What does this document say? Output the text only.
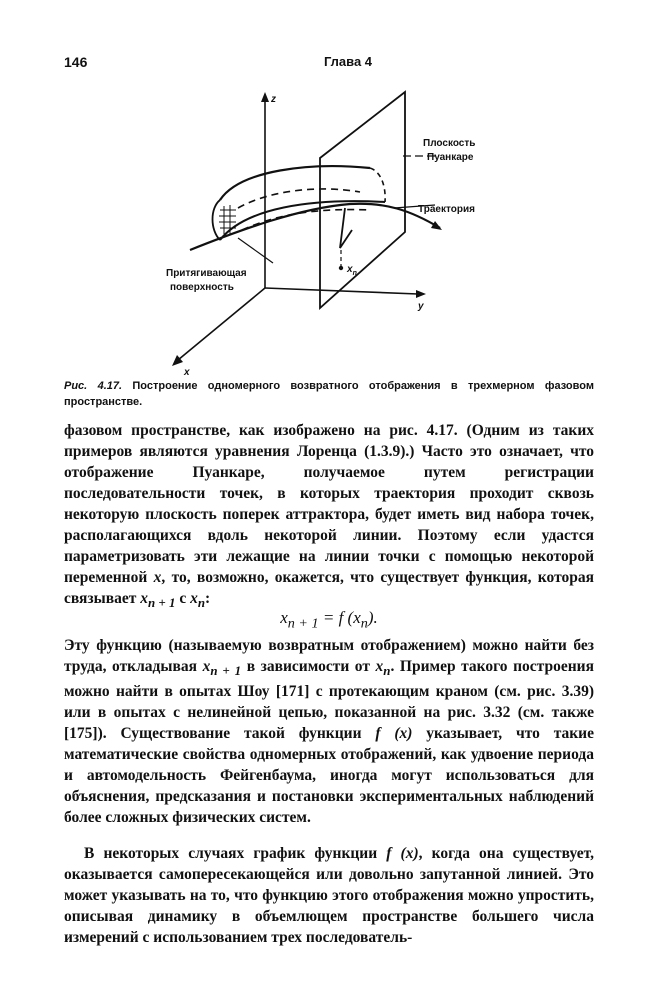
146	Глава 4
z
y
x
Плоскость
Пуанкаре
Траектория
Притягивающая
поверхность
$x_n$
Рис. 4.17. Построение одномерного возвратного отображения в трехмерном фазовом пространстве.
фазовом пространстве, как изображено на рис. 4.17. (Одним из таких примеров являются уравнения Лоренца (1.3.9).) Часто это означает, что отображение Пуанкаре, получаемое путем регистрации последовательности точек, в которых траектория проходит сквозь некоторую плоскость поперек аттрактора, будет иметь вид набора точек, располагающихся вдоль некоторой линии. Поэтому если удастся параметризовать эти лежащие на линии точки с помощью некоторой переменной x, то, возможно, окажется, что существует функция, которая связывает $x_{n + 1}$ с $x_n$:
$x_{n + 1} = f$ $(x_n)$.
Эту функцию (называемую возвратным отображением) можно найти без труда, откладывая $x_{n + 1}$ в зависимости от $x_n$. Пример такого построения можно найти в опытах Шоу [171] с протекающим краном (см. рис. 3.39) или в опытах с нелинейной цепью, показанной на рис. 3.32 (см. также [175]). Существование такой функции f (x) указывает, что такие математические свойства одномерных отображений, как удвоение периода и автомодельность Фейгенбаума, иногда могут использоваться для объяснения, предсказания и постановки экспериментальных наблюдений более сложных физических систем.
В некоторых случаях график функции f (x), когда она существует, оказывается самопересекающейся или довольно запутанной линией. Это может указывать на то, что функцию этого отображения можно упростить, описывая динамику в объемлющем пространстве большего числа измерений с использованием трех последователь-
